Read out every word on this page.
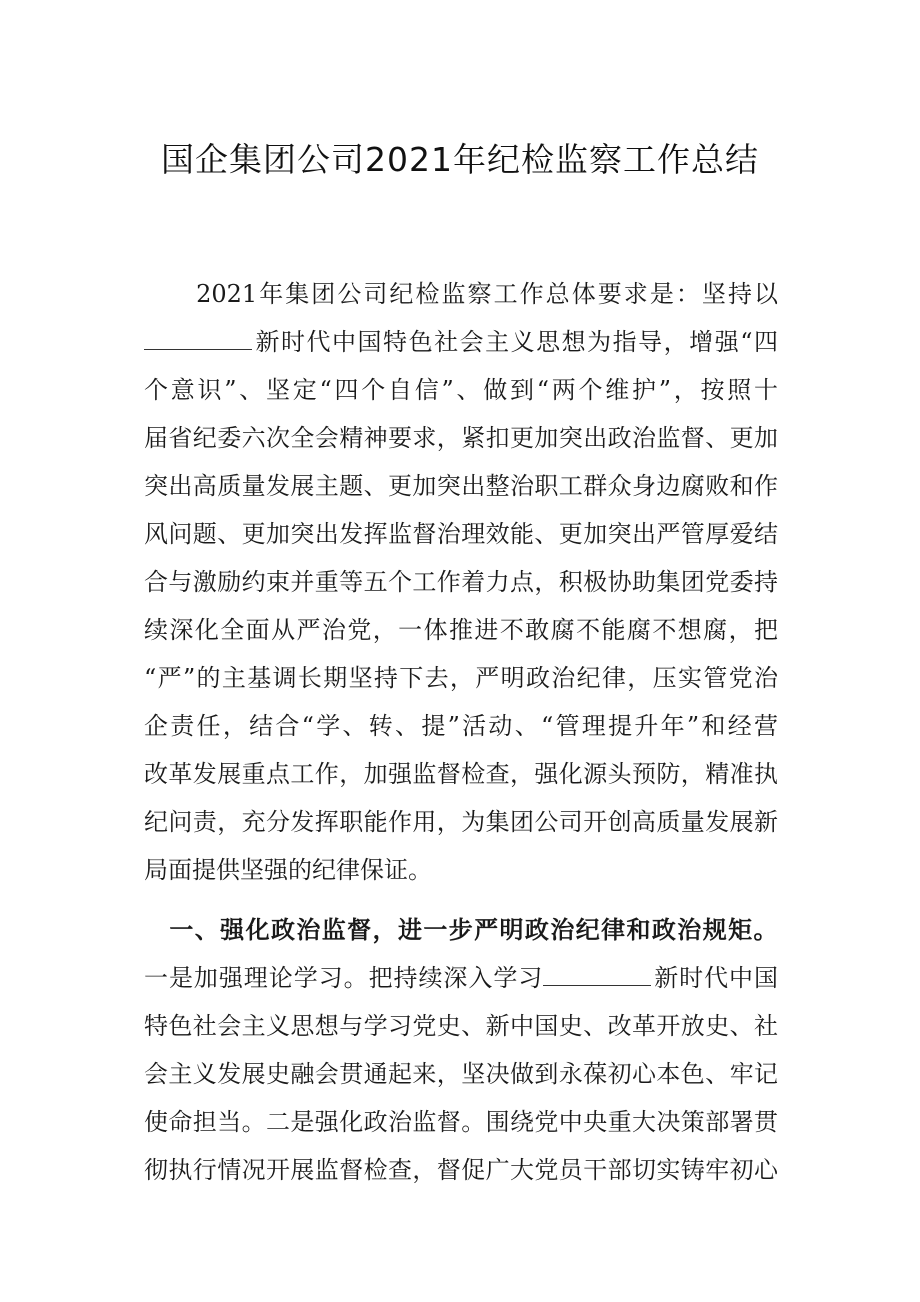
国企集团公司2021年纪检监察工作总结
　　2021年集团公司纪检监察工作总体要求是：坚持以
新时代中国特色社会主义思想为指导，增强“四
个意识”、坚定“四个自信”、做到“两个维护”，按照十
届省纪委六次全会精神要求，紧扣更加突出政治监督、更加
突出高质量发展主题、更加突出整治职工群众身边腐败和作
风问题、更加突出发挥监督治理效能、更加突出严管厚爱结
合与激励约束并重等五个工作着力点，积极协助集团党委持
续深化全面从严治党，一体推进不敢腐不能腐不想腐，把
“严”的主基调长期坚持下去，严明政治纪律，压实管党治
企责任，结合“学、转、提”活动、“管理提升年”和经营
改革发展重点工作，加强监督检查，强化源头预防，精准执
纪问责，充分发挥职能作用，为集团公司开创高质量发展新
局面提供坚强的纪律保证。
　一、强化政治监督，进一步严明政治纪律和政治规矩。
一是加强理论学习。把持续深入学习	新时代中国
特色社会主义思想与学习党史、新中国史、改革开放史、社
会主义发展史融会贯通起来，坚决做到永葆初心本色、牢记
使命担当。二是强化政治监督。围绕党中央重大决策部署贯
彻执行情况开展监督检查，督促广大党员干部切实铸牢初心
